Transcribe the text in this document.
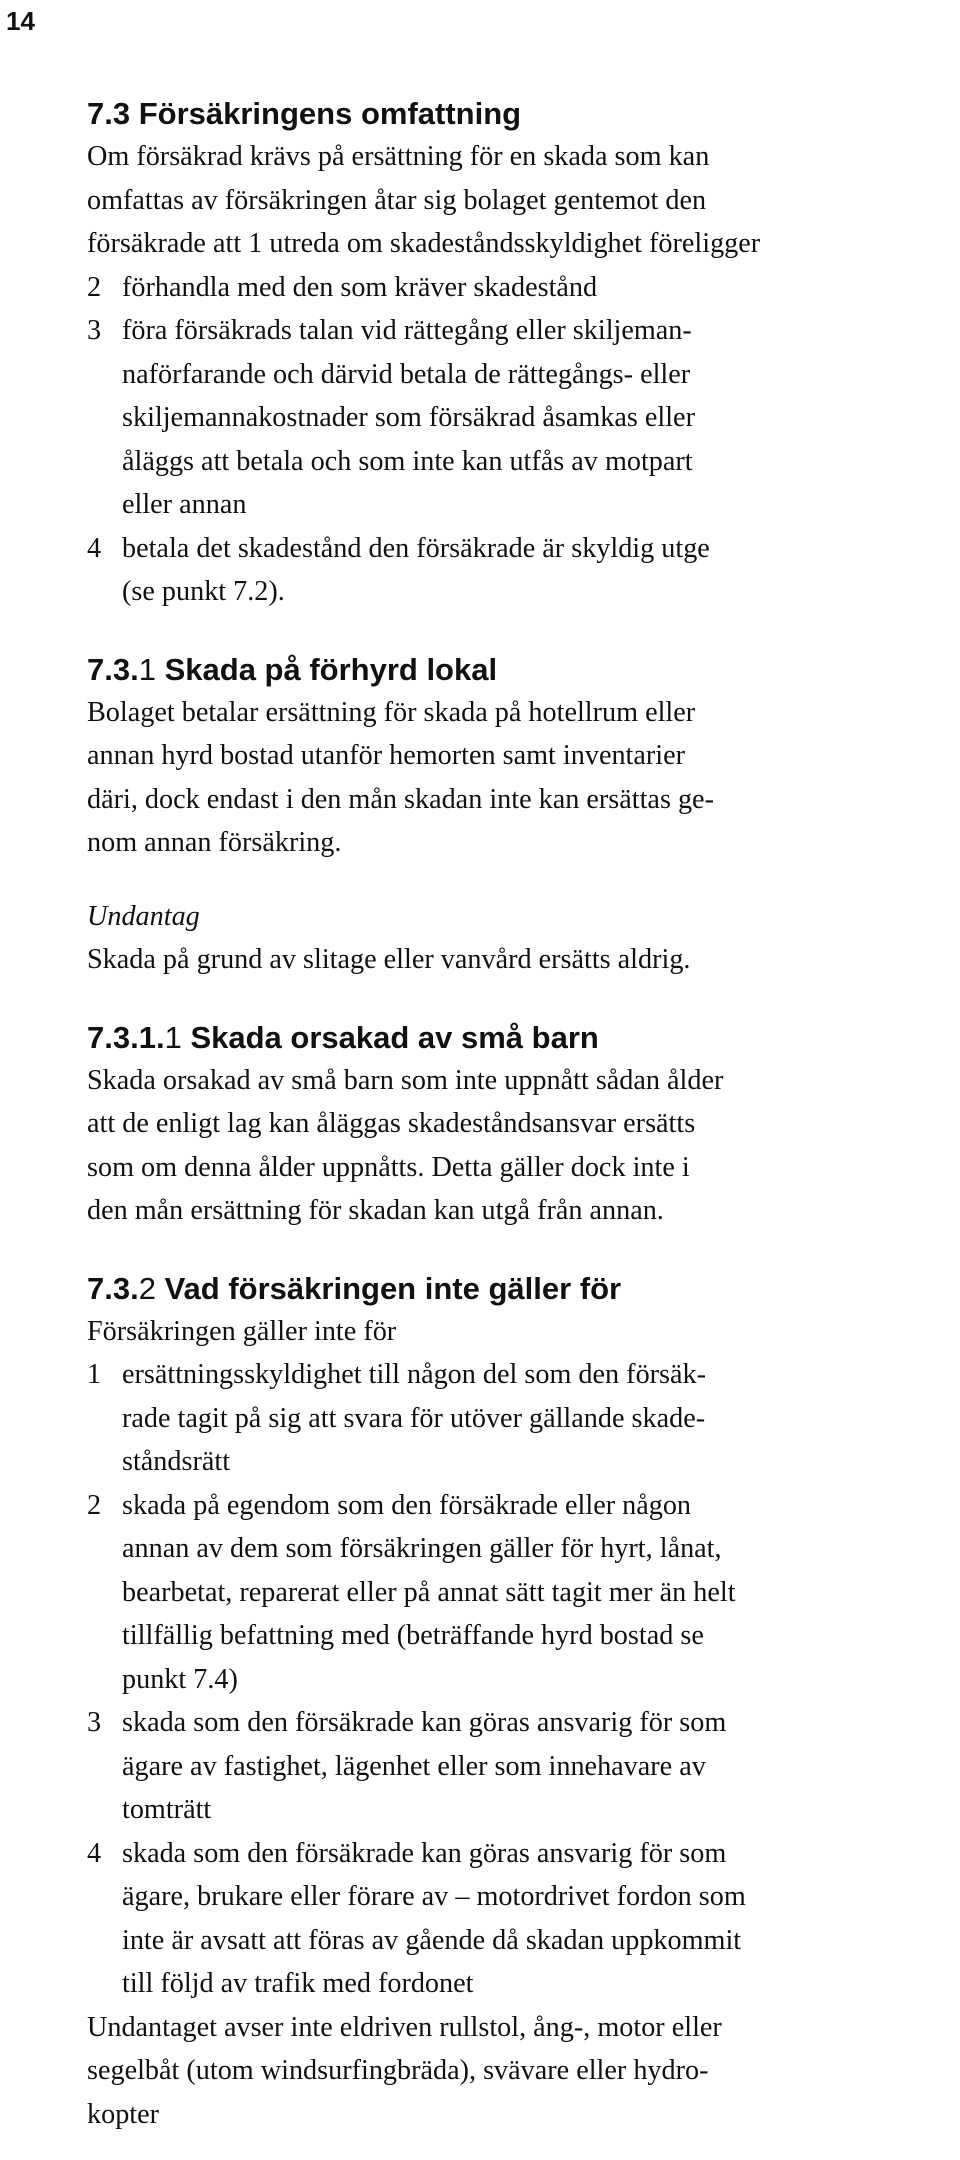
14
7.3 Försäkringens omfattning

Om försäkrad krävs på ersättning för en skada som kan

omfattas av försäkringen åtar sig bolaget gentemot den

försäkrade att 1 utreda om skadeståndsskyldighet föreligger

2 förhandla med den som kräver skadestånd

3 föra försäkrads talan vid rättegång eller skiljeman-

naförfarande och därvid betala de rättegångs- eller

skiljemannakostnader som försäkrad åsamkas eller

åläggs att betala och som inte kan utfås av motpart

eller annan

4 betala det skadestånd den försäkrade är skyldig utge

(se punkt 7.2).

7.3.1 Skada på förhyrd lokal

Bolaget betalar ersättning för skada på hotellrum eller

annan hyrd bostad utanför hemorten samt inventarier

däri, dock endast i den mån skadan inte kan ersättas ge-

nom annan försäkring.

Undantag

Skada på grund av slitage eller vanvård ersätts aldrig.

7.3.1.1 Skada orsakad av små barn

Skada orsakad av små barn som inte uppnått sådan ålder

att de enligt lag kan åläggas skadeståndsansvar ersätts

som om denna ålder uppnåtts. Detta gäller dock inte i

den mån ersättning för skadan kan utgå från annan.

7.3.2 Vad försäkringen inte gäller för

Försäkringen gäller inte för

1 ersättningsskyldighet till någon del som den försäk-

rade tagit på sig att svara för utöver gällande skade-

ståndsrätt

2 skada på egendom som den försäkrade eller någon

annan av dem som försäkringen gäller för hyrt, lånat,

bearbetat, reparerat eller på annat sätt tagit mer än helt

tillfällig befattning med (beträffande hyrd bostad se

punkt 7.4)

3 skada som den försäkrade kan göras ansvarig för som

ägare av fastighet, lägenhet eller som innehavare av

tomträtt

4 skada som den försäkrade kan göras ansvarig för som

ägare, brukare eller förare av – motordrivet fordon som

inte är avsatt att föras av gående då skadan uppkommit

till följd av trafik med fordonet

Undantaget avser inte eldriven rullstol, ång-, motor eller

segelbåt (utom windsurfingbräda), svävare eller hydro-

kopter
